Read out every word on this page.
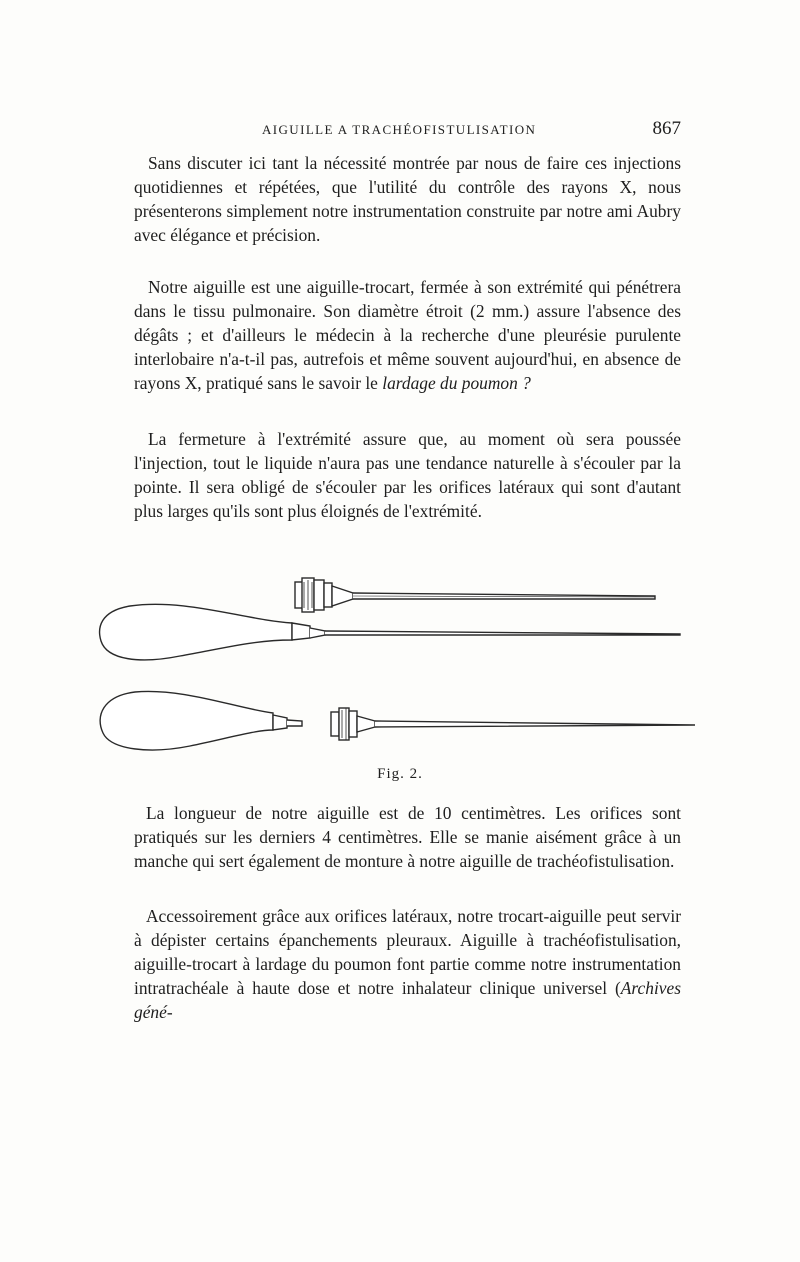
AIGUILLE A TRACHÉOFISTULISATION	867

Sans discuter ici tant la nécessité montrée par nous de faire ces injections quotidiennes et répétées, que l'utilité du contrôle des rayons X, nous présenterons simplement notre instrumentation construite par notre ami Aubry avec élégance et précision.

Notre aiguille est une aiguille-trocart, fermée à son extrémité qui pénétrera dans le tissu pulmonaire. Son diamètre étroit (2 mm.) assure l'absence des dégâts ; et d'ailleurs le médecin à la recherche d'une pleurésie purulente interlobaire n'a-t-il pas, autrefois et même souvent aujourd'hui, en absence de rayons X, pratiqué sans le savoir le lardage du poumon ?

La fermeture à l'extrémité assure que, au moment où sera poussée l'injection, tout le liquide n'aura pas une tendance naturelle à s'écouler par la pointe. Il sera obligé de s'écouler par les orifices latéraux qui sont d'autant plus larges qu'ils sont plus éloignés de l'extrémité.

Fig. 2.

La longueur de notre aiguille est de 10 centimètres. Les orifices sont pratiqués sur les derniers 4 centimètres. Elle se manie aisément grâce à un manche qui sert également de monture à notre aiguille de trachéofistulisation.

Accessoirement grâce aux orifices latéraux, notre trocart-aiguille peut servir à dépister certains épanchements pleuraux. Aiguille à trachéofistulisation, aiguille-trocart à lardage du poumon font partie comme notre instrumentation intratrachéale à haute dose et notre inhalateur clinique universel (Archives géné-
